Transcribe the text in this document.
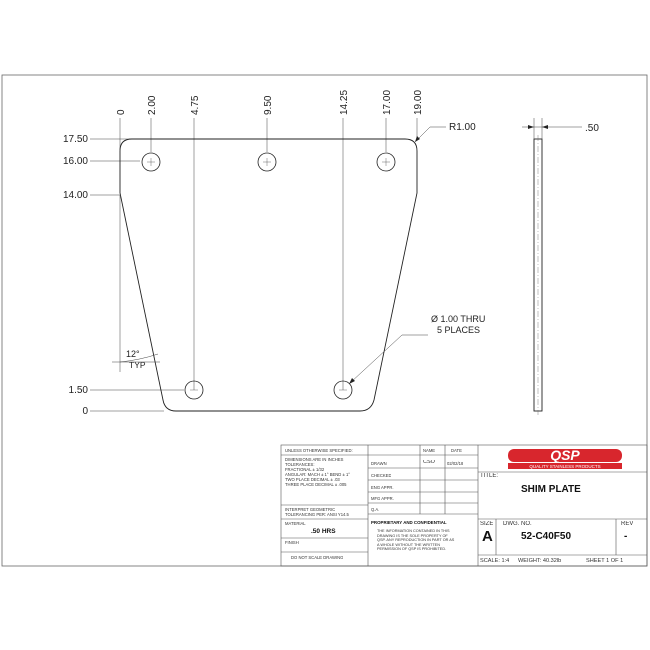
0 2.00	4.75	9.50	14.25	17.00 19.00
17.50
16.00
14.00
1.50
0
R1.00
12°
TYP
Ø 1.00 THRU
5 PLACES
.50
QSP
QUALITY STAINLESS PRODUCTS
UNLESS OTHERWISE SPECIFIED:	NAME	DATE
DIMENSIONS ARE IN INCHES
TOLERANCES:
FRACTIONAL ± 1/32
ANGULAR: MACH ± 1° BEND ± 1°
TWO PLACE DECIMAL ± .03
THREE PLACE DECIMAL ± .005
DRAWN	CSO	02/02/18
CHECKED
ENG APPR.
MFG APPR.
Q.A.
INTERPRET GEOMETRIC
TOLERANCING PER: ANSI Y14.5
MATERIAL
.50 HRS
FINISH
DO NOT SCALE DRAWING
PROPRIETARY AND CONFIDENTIAL
THE INFORMATION CONTAINED IN THIS
DRAWING IS THE SOLE PROPERTY OF
QSP. ANY REPRODUCTION IN PART OR AS
A WHOLE WITHOUT THE WRITTEN
PERMISSION OF QSP IS PROHIBITED.
TITLE:
SHIM PLATE
SIZE
A
DWG. NO.
52-C40F50
REV
-
SCALE: 1:4 WEIGHT: 40.32lb	SHEET 1 OF 1
